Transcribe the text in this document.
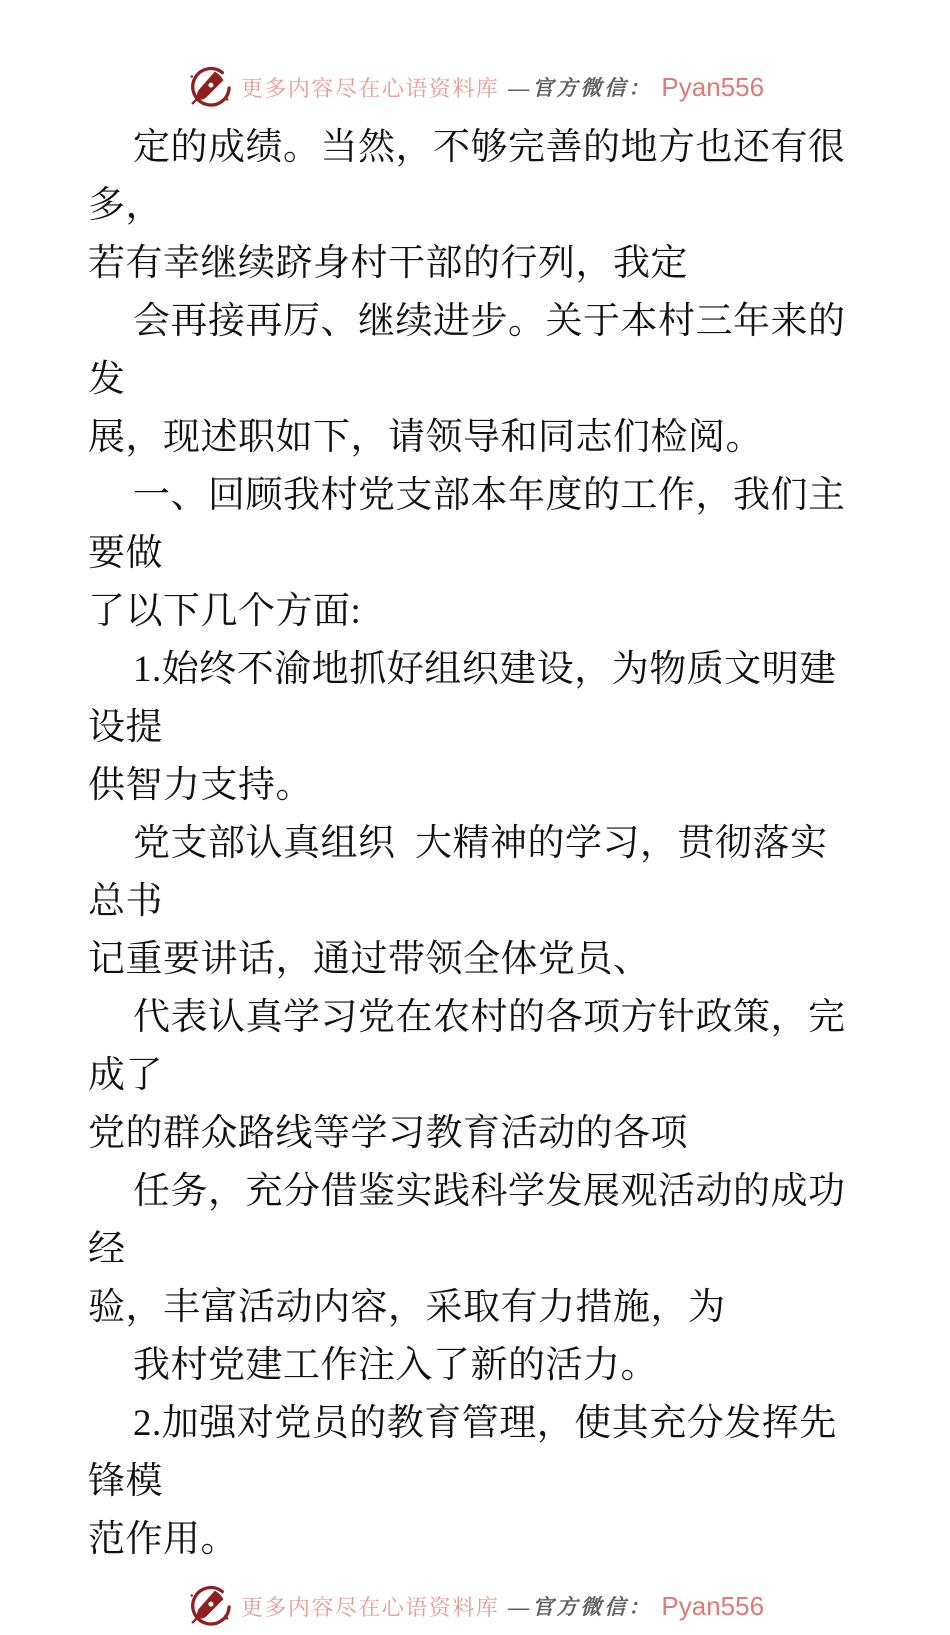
更多内容尽在心语资料库 —官方微信： Pyan556

定的成绩。当然，不够完善的地方也还有很多，

若有幸继续跻身村干部的行列，我定

会再接再厉、继续进步。关于本村三年来的发

展，现述职如下，请领导和同志们检阅。

一、回顾我村党支部本年度的工作，我们主要做

了以下几个方面:

1.始终不渝地抓好组织建设，为物质文明建设提

供智力支持。

党支部认真组织  大精神的学习，贯彻落实总书

记重要讲话，通过带领全体党员、

代表认真学习党在农村的各项方针政策，完成了

党的群众路线等学习教育活动的各项

任务，充分借鉴实践科学发展观活动的成功经

验，丰富活动内容，采取有力措施，为

我村党建工作注入了新的活力。

2.加强对党员的教育管理，使其充分发挥先锋模

范作用。

更多内容尽在心语资料库 —官方微信： Pyan556
